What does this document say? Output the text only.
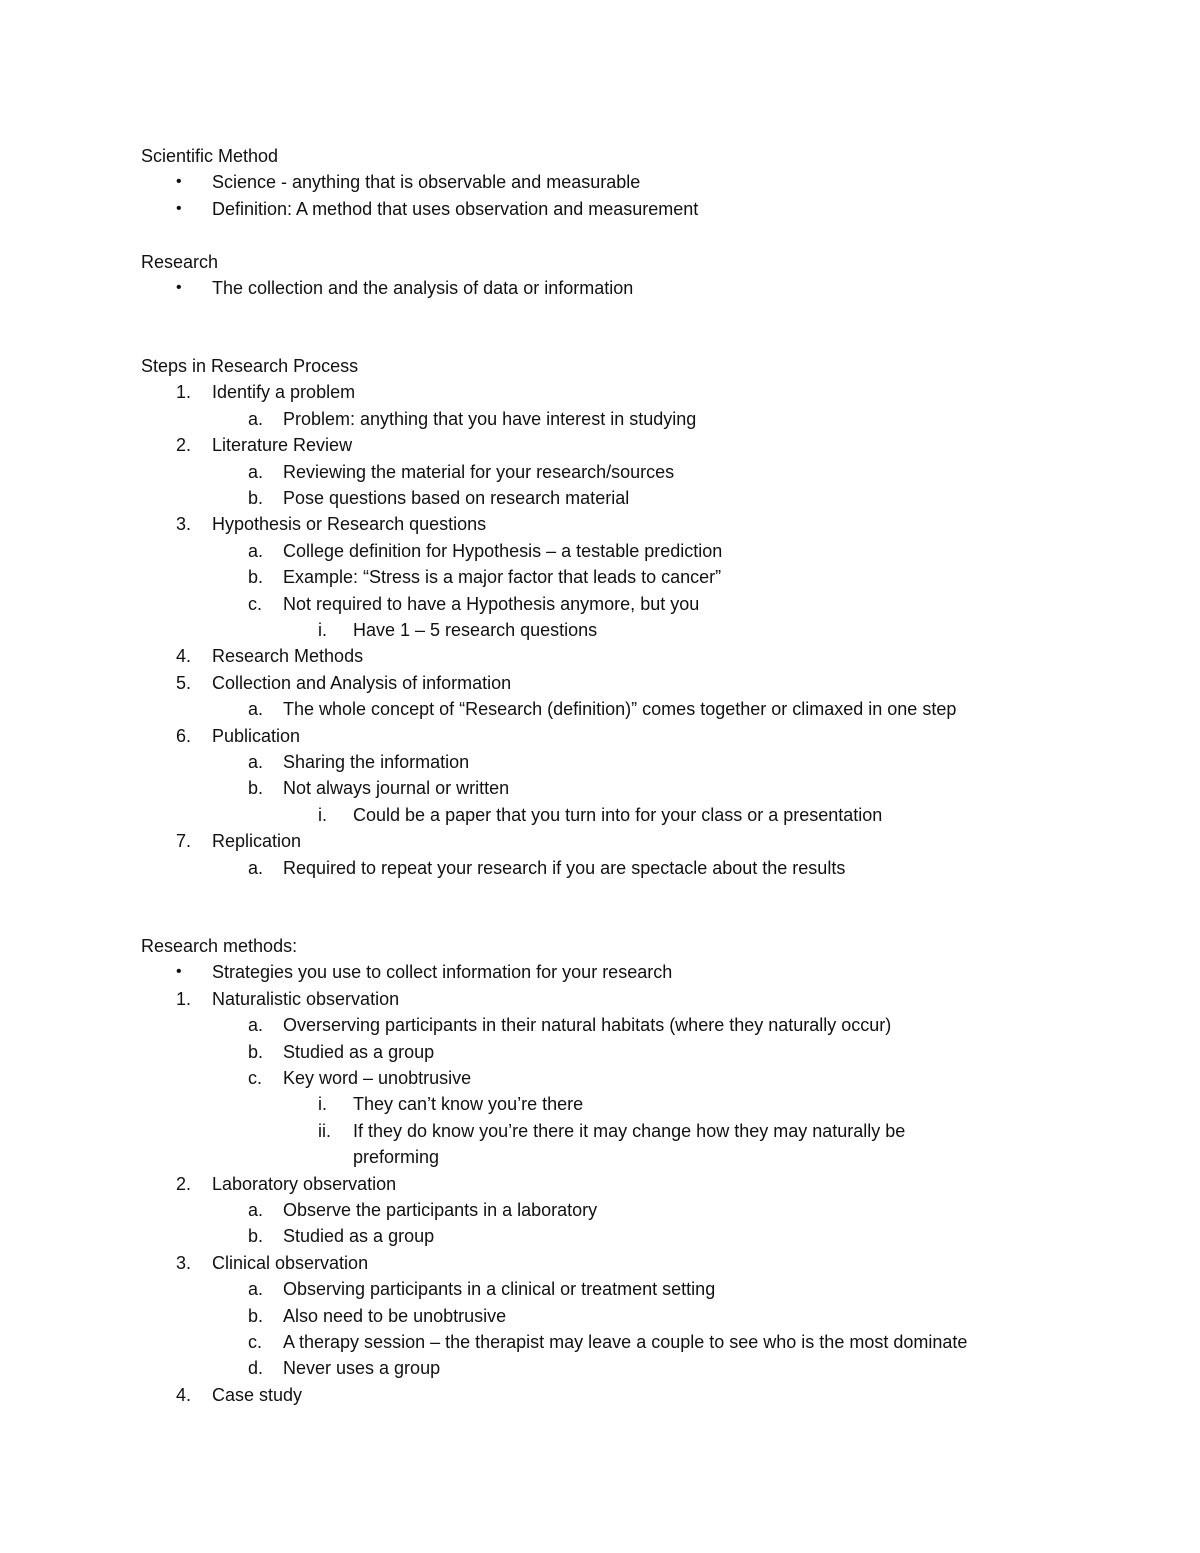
Scientific Method
• Science - anything that is observable and measurable
• Definition: A method that uses observation and measurement
Research
• The collection and the analysis of data or information
Steps in Research Process
1. Identify a problem
a. Problem: anything that you have interest in studying
2. Literature Review
a. Reviewing the material for your research/sources
b. Pose questions based on research material
3. Hypothesis or Research questions
a. College definition for Hypothesis – a testable prediction
b. Example: “Stress is a major factor that leads to cancer”
c. Not required to have a Hypothesis anymore, but you
i. Have 1 – 5 research questions
4. Research Methods
5. Collection and Analysis of information
a. The whole concept of “Research (definition)” comes together or climaxed in one step
6. Publication
a. Sharing the information
b. Not always journal or written
i. Could be a paper that you turn into for your class or a presentation
7. Replication
a. Required to repeat your research if you are spectacle about the results
Research methods:
• Strategies you use to collect information for your research
1. Naturalistic observation
a. Overserving participants in their natural habitats (where they naturally occur)
b. Studied as a group
c. Key word – unobtrusive
i. They can’t know you’re there
ii. If they do know you’re there it may change how they may naturally be
preforming
2. Laboratory observation
a. Observe the participants in a laboratory
b. Studied as a group
3. Clinical observation
a. Observing participants in a clinical or treatment setting
b. Also need to be unobtrusive
c. A therapy session – the therapist may leave a couple to see who is the most dominate
d. Never uses a group
4. Case study
